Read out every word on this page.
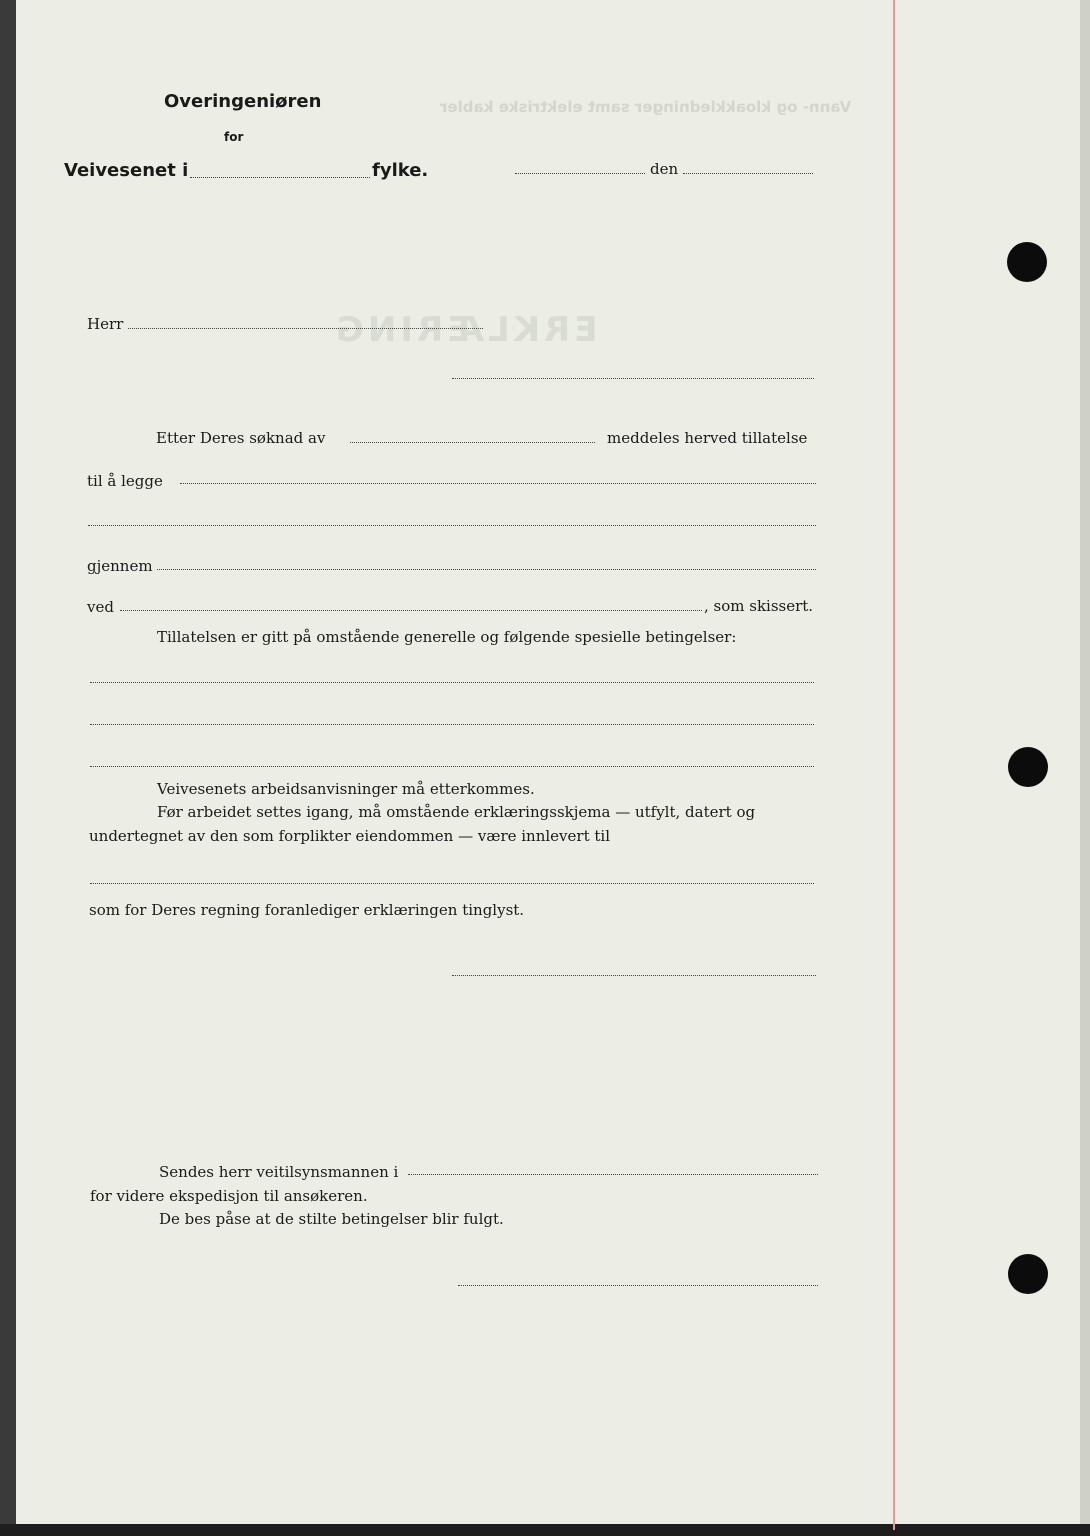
Vann- og kloakkledninger samt elektriske kabler
ERKLÆRING
Overingeniøren
for
Veivesenet i	fylke.	den
Herr
Etter Deres søknad av	meddeles herved tillatelse
til å legge
gjennem
ved	, som skissert.
Tillatelsen er gitt på omstående generelle og følgende spesielle betingelser:
Veivesenets arbeidsanvisninger må etterkommes.
Før arbeidet settes igang, må omstående erklæringsskjema — utfylt, datert og
undertegnet av den som forplikter eiendommen — være innlevert til
som for Deres regning foranlediger erklæringen tinglyst.
Sendes herr veitilsynsmannen i
for videre ekspedisjon til ansøkeren.
De bes påse at de stilte betingelser blir fulgt.
